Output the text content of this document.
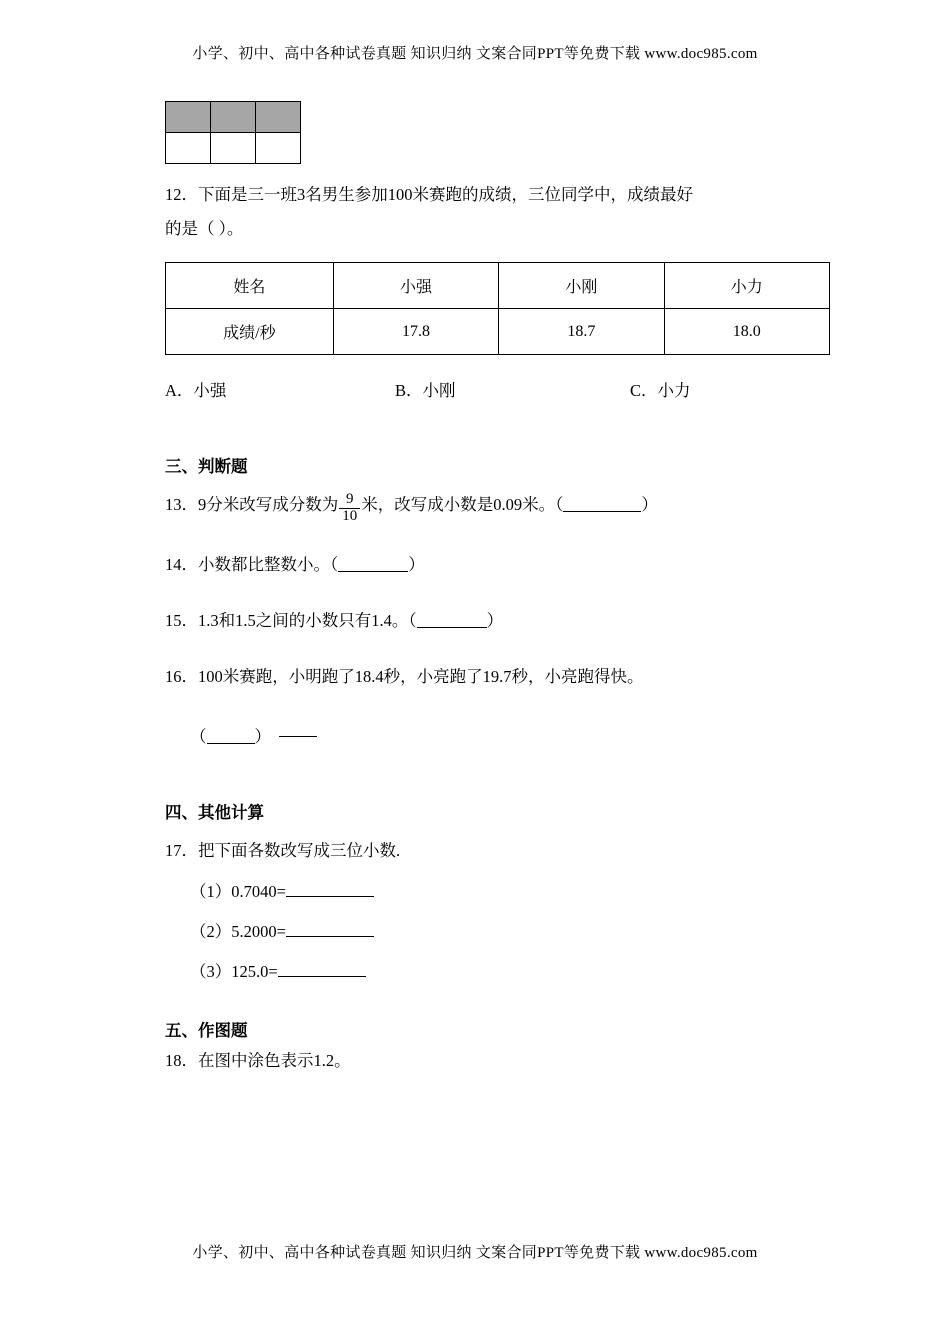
小学、初中、高中各种试卷真题 知识归纳 文案合同PPT等免费下载 www.doc985.com

12．下面是三一班3名男生参加100米赛跑的成绩，三位同学中，成绩最好
的是（ ）。
姓名	小强	小刚	小力
成绩/秒	17.8	18.7	18.0
A．小强	B．小刚	C．小力
三、判断题
13．9分米改写成分数为 $\frac{9}{10}$ 米，改写成小数是0.09米。（	）
14．小数都比整数小。（	）
15．1.3和1.5之间的小数只有1.4。（	）
16．100米赛跑，小明跑了18.4秒，小亮跑了19.7秒，小亮跑得快。
（	）
四、其他计算
17．把下面各数改写成三位小数.
（1）0.7040=
（2）5.2000=
（3）125.0=
五、作图题
18．在图中涂色表示1.2。
小学、初中、高中各种试卷真题 知识归纳 文案合同PPT等免费下载 www.doc985.com
